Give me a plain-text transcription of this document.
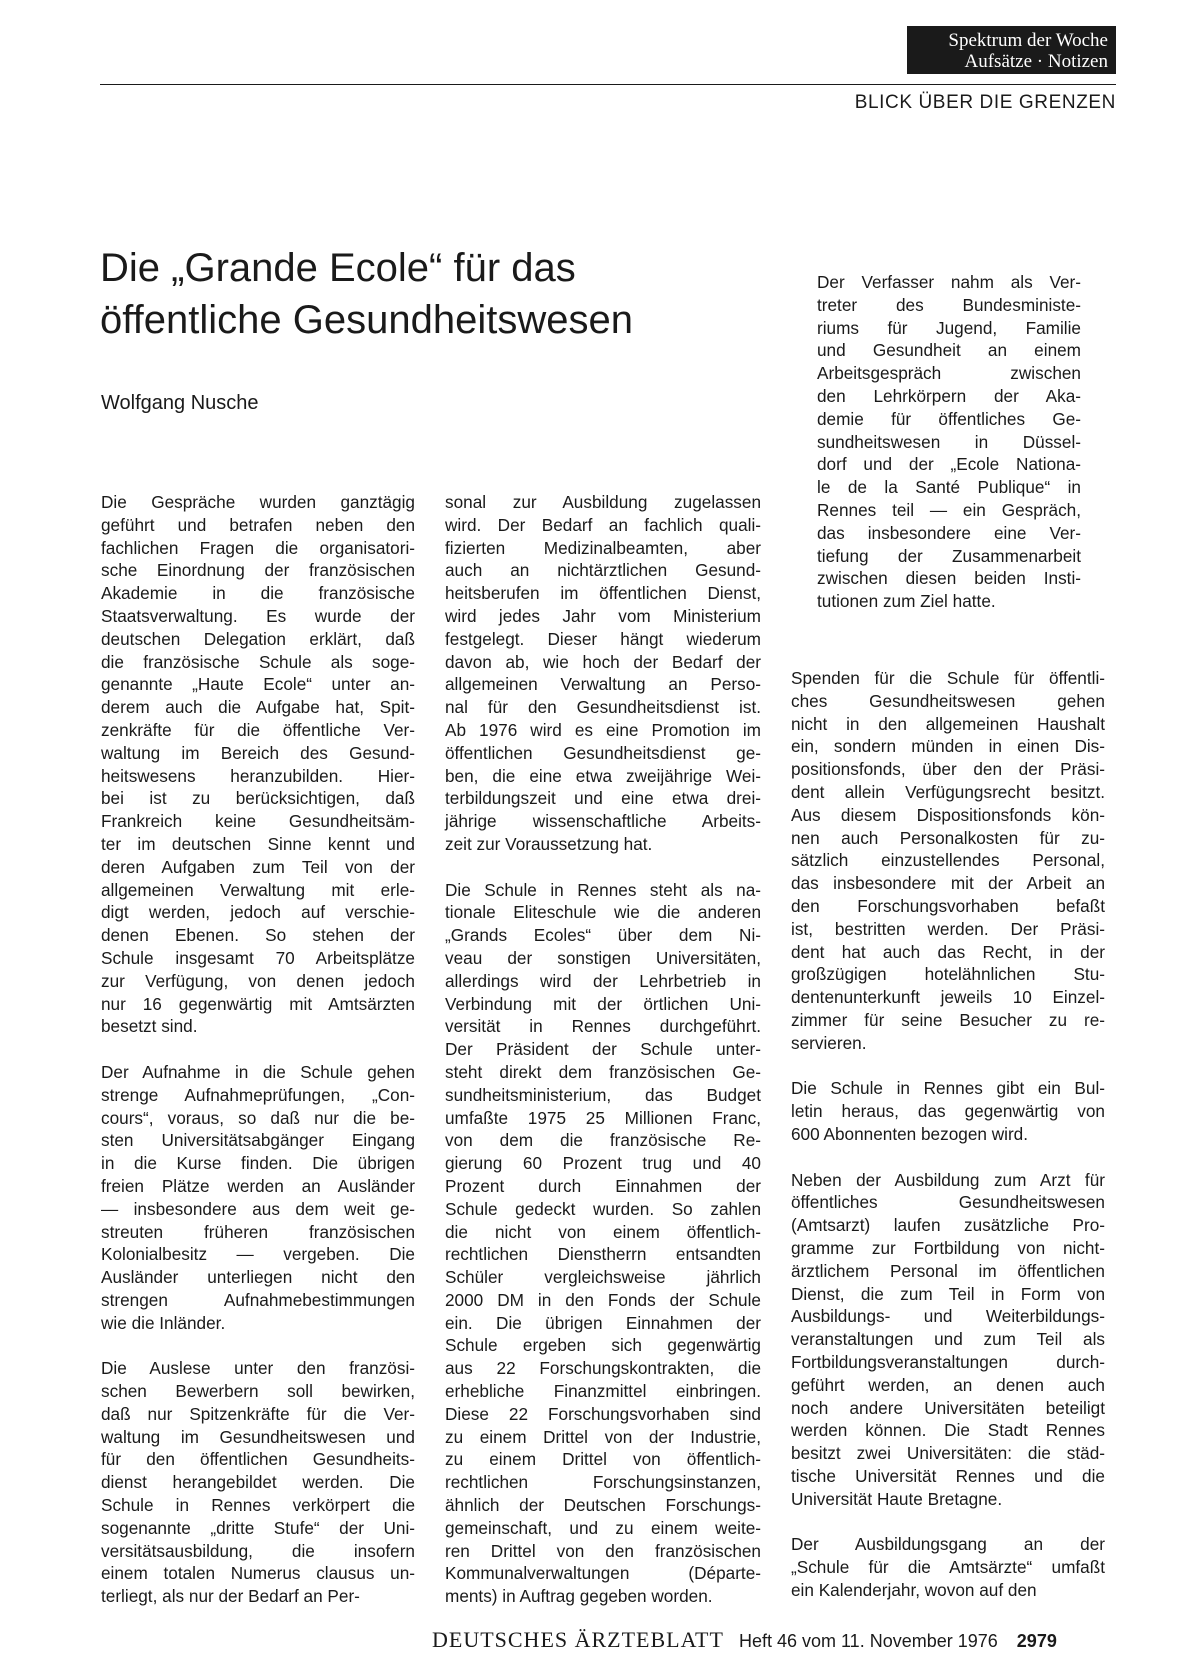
Spektrum der Woche
Aufsätze · Notizen
BLICK ÜBER DIE GRENZEN
Die „Grande Ecole“ für das
öffentliche Gesundheitswesen
Wolfgang Nusche
Der Verfasser nahm als Ver-
treter des Bundesministe-
riums für Jugend, Familie
und Gesundheit an einem
Arbeitsgespräch zwischen
den Lehrkörpern der Aka-
demie für öffentliches Ge-
sundheitswesen in Düssel-
dorf und der „Ecole Nationa-
le de la Santé Publique“ in
Rennes teil — ein Gespräch,
das insbesondere eine Ver-
tiefung der Zusammenarbeit
zwischen diesen beiden Insti-
tutionen zum Ziel hatte.

Die Gespräche wurden ganztägig
geführt und betrafen neben den
fachlichen Fragen die organisatori-
sche Einordnung der französischen
Akademie in die französische
Staatsverwaltung. Es wurde der
deutschen Delegation erklärt, daß
die französische Schule als soge-
genannte „Haute Ecole“ unter an-
derem auch die Aufgabe hat, Spit-
zenkräfte für die öffentliche Ver-
waltung im Bereich des Gesund-
heitswesens heranzubilden. Hier-
bei ist zu berücksichtigen, daß
Frankreich keine Gesundheitsäm-
ter im deutschen Sinne kennt und
deren Aufgaben zum Teil von der
allgemeinen Verwaltung mit erle-
digt werden, jedoch auf verschie-
denen Ebenen. So stehen der
Schule insgesamt 70 Arbeitsplätze
zur Verfügung, von denen jedoch
nur 16 gegenwärtig mit Amtsärzten
besetzt sind.

Der Aufnahme in die Schule gehen
strenge Aufnahmeprüfungen, „Con-
cours“, voraus, so daß nur die be-
sten Universitätsabgänger Eingang
in die Kurse finden. Die übrigen
freien Plätze werden an Ausländer
— insbesondere aus dem weit ge-
streuten früheren französischen
Kolonialbesitz — vergeben. Die
Ausländer unterliegen nicht den
strengen Aufnahmebestimmungen
wie die Inländer.

Die Auslese unter den französi-
schen Bewerbern soll bewirken,
daß nur Spitzenkräfte für die Ver-
waltung im Gesundheitswesen und
für den öffentlichen Gesundheits-
dienst herangebildet werden. Die
Schule in Rennes verkörpert die
sogenannte „dritte Stufe“ der Uni-
versitätsausbildung, die insofern
einem totalen Numerus clausus un-
terliegt, als nur der Bedarf an Per-

sonal zur Ausbildung zugelassen
wird. Der Bedarf an fachlich quali-
fizierten Medizinalbeamten, aber
auch an nichtärztlichen Gesund-
heitsberufen im öffentlichen Dienst,
wird jedes Jahr vom Ministerium
festgelegt. Dieser hängt wiederum
davon ab, wie hoch der Bedarf der
allgemeinen Verwaltung an Perso-
nal für den Gesundheitsdienst ist.
Ab 1976 wird es eine Promotion im
öffentlichen Gesundheitsdienst ge-
ben, die eine etwa zweijährige Wei-
terbildungszeit und eine etwa drei-
jährige wissenschaftliche Arbeits-
zeit zur Voraussetzung hat.

Die Schule in Rennes steht als na-
tionale Eliteschule wie die anderen
„Grands Ecoles“ über dem Ni-
veau der sonstigen Universitäten,
allerdings wird der Lehrbetrieb in
Verbindung mit der örtlichen Uni-
versität in Rennes durchgeführt.
Der Präsident der Schule unter-
steht direkt dem französischen Ge-
sundheitsministerium, das Budget
umfaßte 1975 25 Millionen Franc,
von dem die französische Re-
gierung 60 Prozent trug und 40
Prozent durch Einnahmen der
Schule gedeckt wurden. So zahlen
die nicht von einem öffentlich-
rechtlichen Dienstherrn entsandten
Schüler vergleichsweise jährlich
2000 DM in den Fonds der Schule
ein. Die übrigen Einnahmen der
Schule ergeben sich gegenwärtig
aus 22 Forschungskontrakten, die
erhebliche Finanzmittel einbringen.
Diese 22 Forschungsvorhaben sind
zu einem Drittel von der Industrie,
zu einem Drittel von öffentlich-
rechtlichen Forschungsinstanzen,
ähnlich der Deutschen Forschungs-
gemeinschaft, und zu einem weite-
ren Drittel von den französischen
Kommunalverwaltungen (Départe-
ments) in Auftrag gegeben worden.

Spenden für die Schule für öffentli-
ches Gesundheitswesen gehen
nicht in den allgemeinen Haushalt
ein, sondern münden in einen Dis-
positionsfonds, über den der Präsi-
dent allein Verfügungsrecht besitzt.
Aus diesem Dispositionsfonds kön-
nen auch Personalkosten für zu-
sätzlich einzustellendes Personal,
das insbesondere mit der Arbeit an
den Forschungsvorhaben befaßt
ist, bestritten werden. Der Präsi-
dent hat auch das Recht, in der
großzügigen hotelähnlichen Stu-
dentenunterkunft jeweils 10 Einzel-
zimmer für seine Besucher zu re-
servieren.

Die Schule in Rennes gibt ein Bul-
letin heraus, das gegenwärtig von
600 Abonnenten bezogen wird.

Neben der Ausbildung zum Arzt für
öffentliches Gesundheitswesen
(Amtsarzt) laufen zusätzliche Pro-
gramme zur Fortbildung von nicht-
ärztlichem Personal im öffentlichen
Dienst, die zum Teil in Form von
Ausbildungs- und Weiterbildungs-
veranstaltungen und zum Teil als
Fortbildungsveranstaltungen durch-
geführt werden, an denen auch
noch andere Universitäten beteiligt
werden können. Die Stadt Rennes
besitzt zwei Universitäten: die städ-
tische Universität Rennes und die
Universität Haute Bretagne.

Der Ausbildungsgang an der
„Schule für die Amtsärzte“ umfaßt
ein Kalenderjahr, wovon auf den

DEUTSCHES ÄRZTEBLATT Heft 46 vom 11. November 1976 2979
